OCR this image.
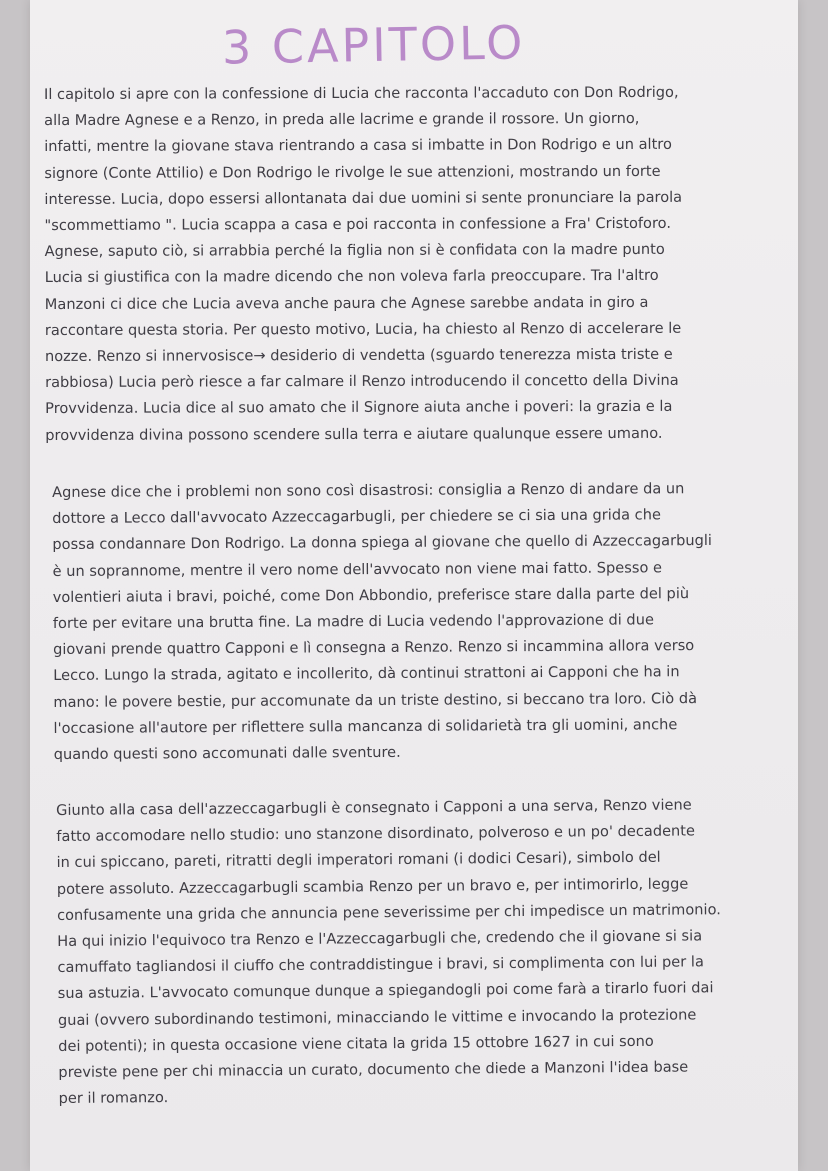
3 CAPITOLO
Il capitolo si apre con la confessione di Lucia che racconta l'accaduto con Don Rodrigo,
alla Madre Agnese e a Renzo, in preda alle lacrime e grande il rossore. Un giorno,
infatti, mentre la giovane stava rientrando a casa si imbatte in Don Rodrigo e un altro
signore (Conte Attilio) e Don Rodrigo le rivolge le sue attenzioni, mostrando un forte
interesse. Lucia, dopo essersi allontanata dai due uomini si sente pronunciare la parola
"scommettiamo ". Lucia scappa a casa e poi racconta in confessione a Fra' Cristoforo.
Agnese, saputo ciò, si arrabbia perché la figlia non si è confidata con la madre punto
Lucia si giustifica con la madre dicendo che non voleva farla preoccupare. Tra l'altro
Manzoni ci dice che Lucia aveva anche paura che Agnese sarebbe andata in giro a
raccontare questa storia. Per questo motivo, Lucia, ha chiesto al Renzo di accelerare le
nozze. Renzo si innervosisce→ desiderio di vendetta (sguardo tenerezza mista triste e
rabbiosa) Lucia però riesce a far calmare il Renzo introducendo il concetto della Divina
Provvidenza. Lucia dice al suo amato che il Signore aiuta anche i poveri: la grazia e la
provvidenza divina possono scendere sulla terra e aiutare qualunque essere umano.
Agnese dice che i problemi non sono così disastrosi: consiglia a Renzo di andare da un
dottore a Lecco dall'avvocato Azzeccagarbugli, per chiedere se ci sia una grida che
possa condannare Don Rodrigo. La donna spiega al giovane che quello di Azzeccagarbugli
è un soprannome, mentre il vero nome dell'avvocato non viene mai fatto. Spesso e
volentieri aiuta i bravi, poiché, come Don Abbondio, preferisce stare dalla parte del più
forte per evitare una brutta fine. La madre di Lucia vedendo l'approvazione di due
giovani prende quattro Capponi e lì consegna a Renzo. Renzo si incammina allora verso
Lecco. Lungo la strada, agitato e incollerito, dà continui strattoni ai Capponi che ha in
mano: le povere bestie, pur accomunate da un triste destino, si beccano tra loro. Ciò dà
l'occasione all'autore per riflettere sulla mancanza di solidarietà tra gli uomini, anche
quando questi sono accomunati dalle sventure.
Giunto alla casa dell'azzeccagarbugli è consegnato i Capponi a una serva, Renzo viene
fatto accomodare nello studio: uno stanzone disordinato, polveroso e un po' decadente
in cui spiccano, pareti, ritratti degli imperatori romani (i dodici Cesari), simbolo del
potere assoluto. Azzeccagarbugli scambia Renzo per un bravo e, per intimorirlo, legge
confusamente una grida che annuncia pene severissime per chi impedisce un matrimonio.
Ha qui inizio l'equivoco tra Renzo e l'Azzeccagarbugli che, credendo che il giovane si sia
camuffato tagliandosi il ciuffo che contraddistingue i bravi, si complimenta con lui per la
sua astuzia. L'avvocato comunque dunque a spiegandogli poi come farà a tirarlo fuori dai
guai (ovvero subordinando testimoni, minacciando le vittime e invocando la protezione
dei potenti); in questa occasione viene citata la grida 15 ottobre 1627 in cui sono
previste pene per chi minaccia un curato, documento che diede a Manzoni l'idea base
per il romanzo.
